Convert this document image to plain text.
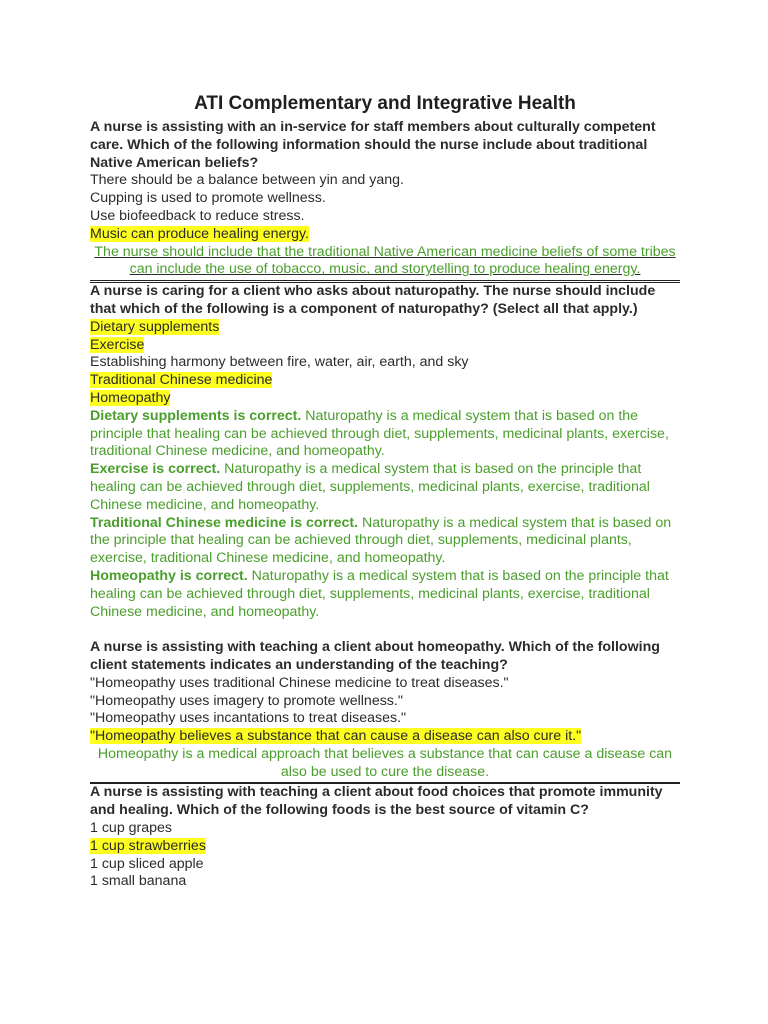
ATI Complementary and Integrative Health
A nurse is assisting with an in-service for staff members about culturally competent care. Which of the following information should the nurse include about traditional Native American beliefs?
There should be a balance between yin and yang.
Cupping is used to promote wellness.
Use biofeedback to reduce stress.
Music can produce healing energy.
The nurse should include that the traditional Native American medicine beliefs of some tribes can include the use of tobacco, music, and storytelling to produce healing energy.
A nurse is caring for a client who asks about naturopathy. The nurse should include that which of the following is a component of naturopathy? (Select all that apply.)
Dietary supplements
Exercise
Establishing harmony between fire, water, air, earth, and sky
Traditional Chinese medicine
Homeopathy
Dietary supplements is correct. Naturopathy is a medical system that is based on the principle that healing can be achieved through diet, supplements, medicinal plants, exercise, traditional Chinese medicine, and homeopathy.
Exercise is correct. Naturopathy is a medical system that is based on the principle that healing can be achieved through diet, supplements, medicinal plants, exercise, traditional Chinese medicine, and homeopathy.
Traditional Chinese medicine is correct. Naturopathy is a medical system that is based on the principle that healing can be achieved through diet, supplements, medicinal plants, exercise, traditional Chinese medicine, and homeopathy.
Homeopathy is correct. Naturopathy is a medical system that is based on the principle that healing can be achieved through diet, supplements, medicinal plants, exercise, traditional Chinese medicine, and homeopathy.
A nurse is assisting with teaching a client about homeopathy. Which of the following client statements indicates an understanding of the teaching?
"Homeopathy uses traditional Chinese medicine to treat diseases."
"Homeopathy uses imagery to promote wellness."
"Homeopathy uses incantations to treat diseases."
"Homeopathy believes a substance that can cause a disease can also cure it."
Homeopathy is a medical approach that believes a substance that can cause a disease can also be used to cure the disease.
A nurse is assisting with teaching a client about food choices that promote immunity and healing. Which of the following foods is the best source of vitamin C?
1 cup grapes
1 cup strawberries
1 cup sliced apple
1 small banana
